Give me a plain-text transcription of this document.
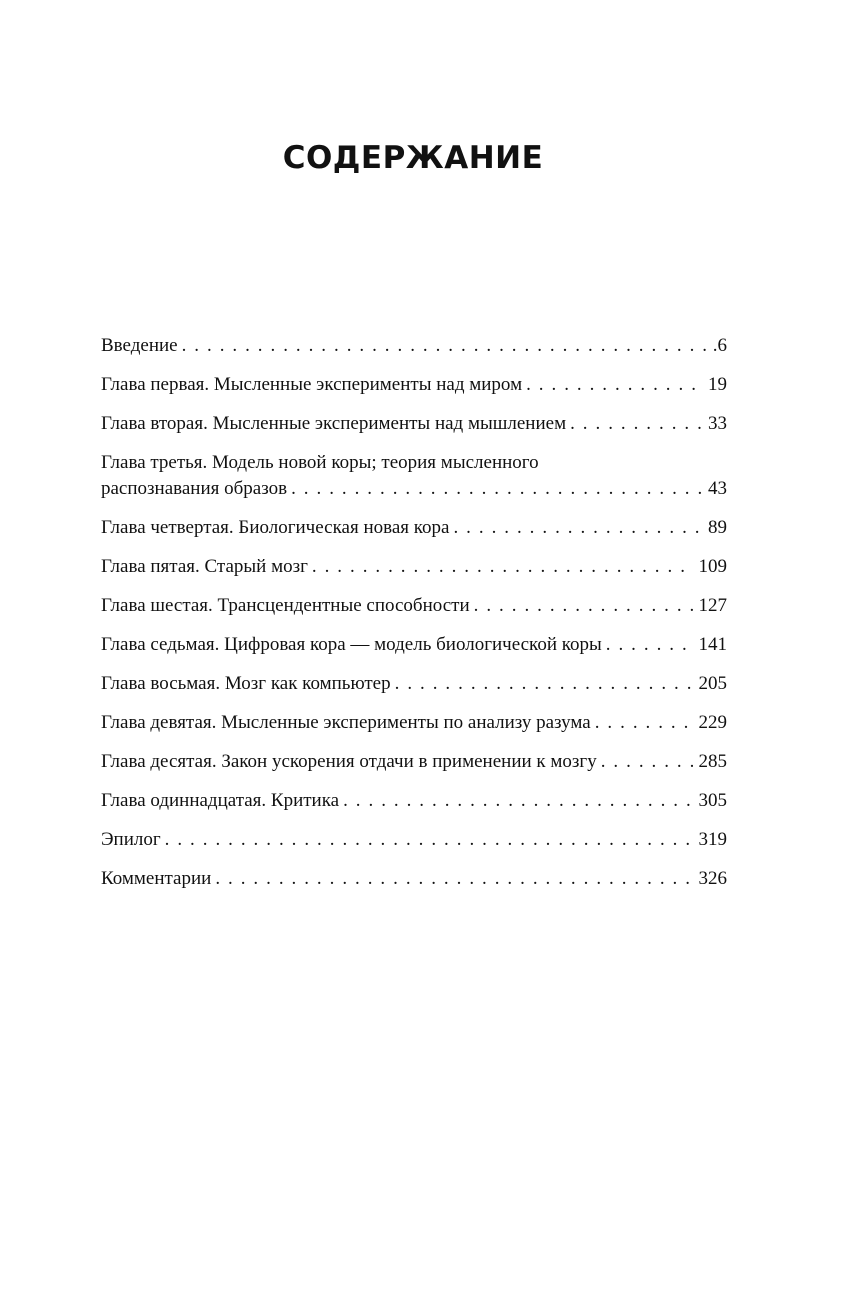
СОДЕРЖАНИЕ
Введение . . .	.6
Глава первая. Мысленные эксперименты над миром . . .	19
Глава вторая. Мысленные эксперименты над мышлением . . .	33
Глава третья. Модель новой коры; теория мысленного
распознавания образов . . .	43
Глава четвертая. Биологическая новая кора . . .	89
Глава пятая. Старый мозг . . .	109
Глава шестая. Трансцендентные способности . . .	127
Глава седьмая. Цифровая кора — модель биологической коры . . .	141
Глава восьмая. Мозг как компьютер . . .	205
Глава девятая. Мысленные эксперименты по анализу разума . . .	229
Глава десятая. Закон ускорения отдачи в применении к мозгу . . .	285
Глава одиннадцатая. Критика . . .	305
Эпилог . . .	319
Комментарии . . .	326
